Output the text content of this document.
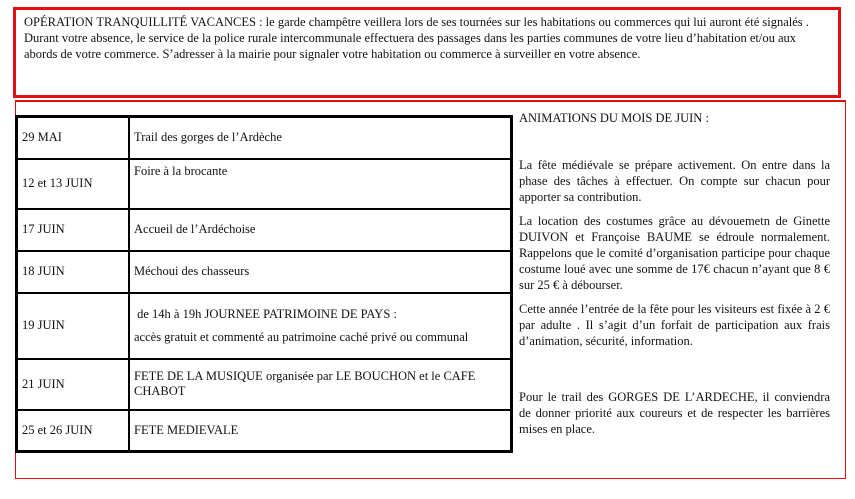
OPÉRATION TRANQUILLITÉ VACANCES : le garde champêtre veillera lors de ses tournées sur les habitations ou commerces qui lui auront été signalés . Durant votre absence, le service de la police rurale intercommunale effectuera des passages dans les parties communes de votre lieu d’habitation et/ou aux abords de votre commerce. S’adresser à la mairie pour signaler votre habitation ou commerce à surveiller en votre absence.

29 MAI	Trail des gorges de l’Ardèche
12 et 13 JUIN	Foire à la brocante
17 JUIN	Accueil de l’Ardéchoise
18 JUIN	Méchoui des chasseurs
19 JUIN	de 14h à 19h JOURNEE PATRIMOINE DE PAYS :
accès gratuit et commenté au patrimoine caché privé ou communal

21 JUIN	FETE DE LA MUSIQUE organisée par LE BOUCHON et le CAFE CHABOT
25 et 26 JUIN	FETE MEDIEVALE
ANIMATIONS DU MOIS DE JUIN :

La fête médiévale se prépare activement. On entre dans la phase des tâches à effectuer. On compte sur chacun pour apporter sa contribution.

La location des costumes grâce au dévouemetn de Ginette DUIVON et Françoise BAUME se édroule normalement. Rappelons que le comité d’organisation participe pour chaque costume loué avec une somme de 17€ chacun n’ayant que 8 € sur 25 € à débourser.

Cette année l’entrée de la fête pour les visiteurs est fixée à 2 € par adulte . Il s’agit d’un forfait de participation aux frais d’animation, sécurité, information.

Pour le trail des GORGES DE L’ARDECHE, il conviendra de donner priorité aux coureurs et de respecter les barrières mises en place.
